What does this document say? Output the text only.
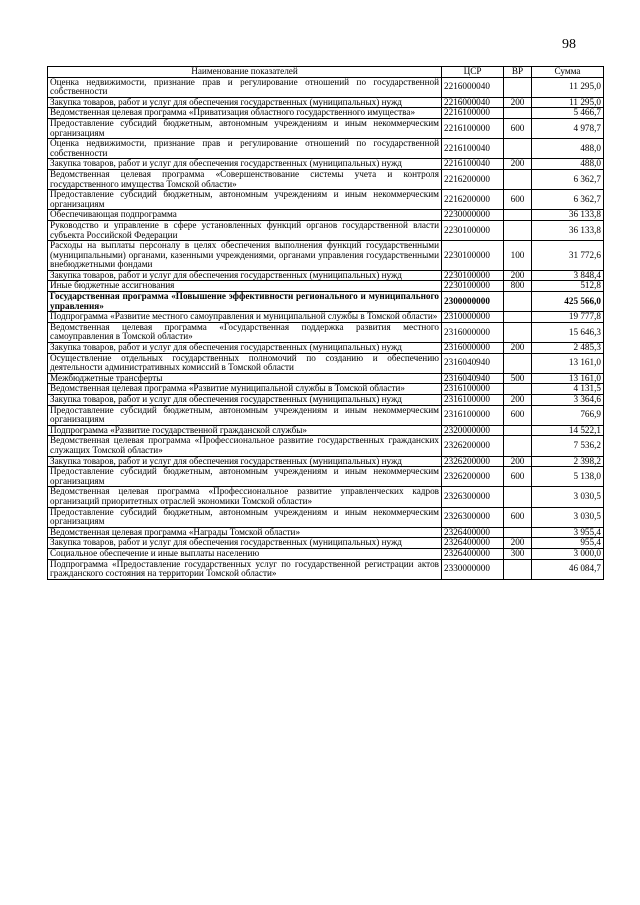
98
Наименование показателей	ЦСР	ВР	Сумма
Оценка недвижимости, признание прав и регулирование отношений по государственной собственности	2216000040		11 295,0
Закупка товаров, работ и услуг для обеспечения государственных (муниципальных) нужд	2216000040	200	11 295,0
Ведомственная целевая программа «Приватизация областного государственного имущества»	2216100000		5 466,7
Предоставление субсидий бюджетным, автономным учреждениям и иным некоммерческим организациям	2216100000	600	4 978,7
Оценка недвижимости, признание прав и регулирование отношений по государственной собственности	2216100040		488,0
Закупка товаров, работ и услуг для обеспечения государственных (муниципальных) нужд	2216100040	200	488,0
Ведомственная целевая программа «Совершенствование системы учета и контроля государственного имущества Томской области»	2216200000		6 362,7
Предоставление субсидий бюджетным, автономным учреждениям и иным некоммерческим организациям	2216200000	600	6 362,7
Обеспечивающая подпрограмма	2230000000		36 133,8
Руководство и управление в сфере установленных функций органов государственной власти субъекта Российской Федерации	2230100000		36 133,8
Расходы на выплаты персоналу в целях обеспечения выполнения функций государственными (муниципальными) органами, казенными учреждениями, органами управления государственными внебюджетными фондами	2230100000	100	31 772,6
Закупка товаров, работ и услуг для обеспечения государственных (муниципальных) нужд	2230100000	200	3 848,4
Иные бюджетные ассигнования	2230100000	800	512,8
Государственная программа «Повышение эффективности регионального и муниципального управления»	2300000000		425 566,0
Подпрограмма «Развитие местного самоуправления и муниципальной службы в Томской области»	2310000000		19 777,8
Ведомственная целевая программа «Государственная поддержка развития местного самоуправления в Томской области»	2316000000		15 646,3
Закупка товаров, работ и услуг для обеспечения государственных (муниципальных) нужд	2316000000	200	2 485,3
Осуществление отдельных государственных полномочий по созданию и обеспечению деятельности административных комиссий в Томской области	2316040940		13 161,0
Межбюджетные трансферты	2316040940	500	13 161,0
Ведомственная целевая программа «Развитие муниципальной службы в Томской области»	2316100000		4 131,5
Закупка товаров, работ и услуг для обеспечения государственных (муниципальных) нужд	2316100000	200	3 364,6
Предоставление субсидий бюджетным, автономным учреждениям и иным некоммерческим организациям	2316100000	600	766,9
Подпрограмма «Развитие государственной гражданской службы»	2320000000		14 522,1
Ведомственная целевая программа «Профессиональное развитие государственных гражданских служащих Томской области»	2326200000		7 536,2
Закупка товаров, работ и услуг для обеспечения государственных (муниципальных) нужд	2326200000	200	2 398,2
Предоставление субсидий бюджетным, автономным учреждениям и иным некоммерческим организациям	2326200000	600	5 138,0
Ведомственная целевая программа «Профессиональное развитие управленческих кадров организаций приоритетных отраслей экономики Томской области»	2326300000		3 030,5
Предоставление субсидий бюджетным, автономным учреждениям и иным некоммерческим организациям	2326300000	600	3 030,5
Ведомственная целевая программа «Награды Томской области»	2326400000		3 955,4
Закупка товаров, работ и услуг для обеспечения государственных (муниципальных) нужд	2326400000	200	955,4
Социальное обеспечение и иные выплаты населению	2326400000	300	3 000,0
Подпрограмма «Предоставление государственных услуг по государственной регистрации актов гражданского состояния на территории Томской области»	2330000000		46 084,7
